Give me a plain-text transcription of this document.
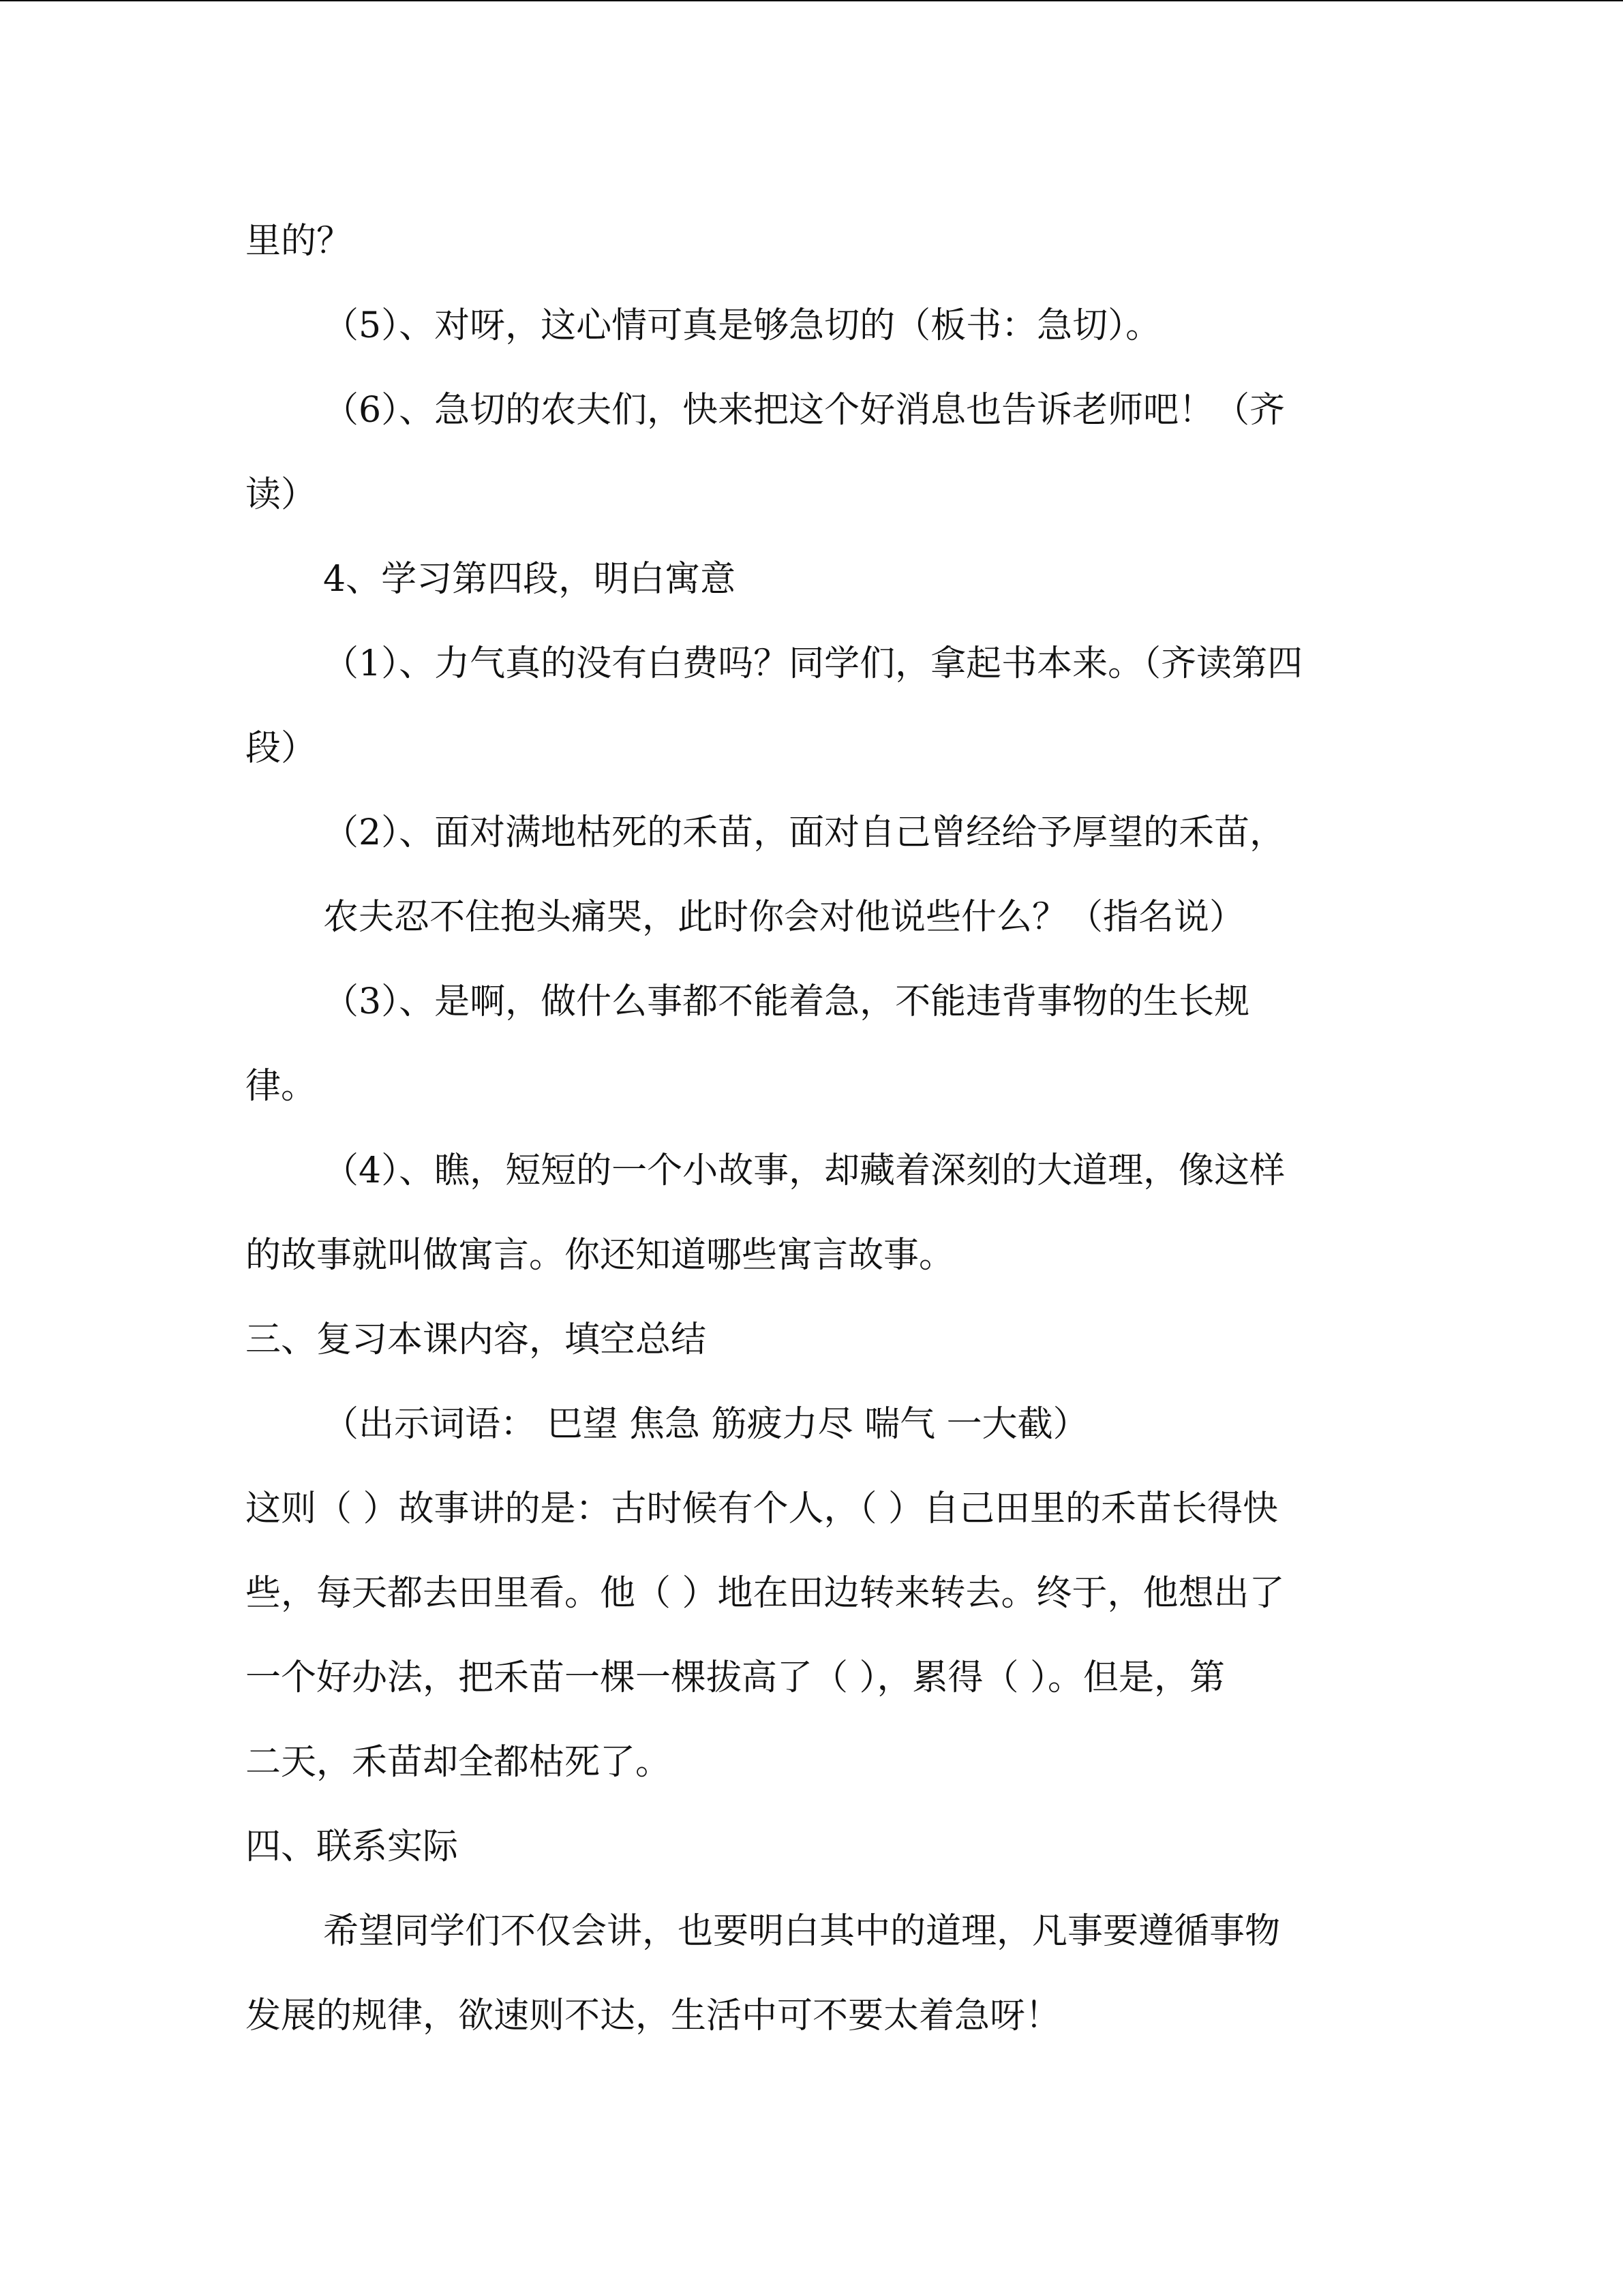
里的？

（5）、对呀，这心情可真是够急切的（板书：急切）。

（6）、急切的农夫们，快来把这个好消息也告诉老师吧！（齐

读）

4、学习第四段，明白寓意

（1）、力气真的没有白费吗？同学们，拿起书本来。（齐读第四

段）

（2）、面对满地枯死的禾苗，面对自己曾经给予厚望的禾苗，

农夫忍不住抱头痛哭，此时你会对他说些什么？（指名说）

（3）、是啊，做什么事都不能着急，不能违背事物的生长规

律。

（4）、瞧，短短的一个小故事，却藏着深刻的大道理，像这样

的故事就叫做寓言。你还知道哪些寓言故事。

三、复习本课内容，填空总结

（出示词语： 巴望 焦急 筋疲力尽 喘气 一大截）

这则（ ）故事讲的是：古时候有个人，（ ）自己田里的禾苗长得快

些，每天都去田里看。他（ ）地在田边转来转去。终于，他想出了

一个好办法，把禾苗一棵一棵拔高了（ ），累得（ ）。但是，第

二天，禾苗却全都枯死了。

四、联系实际

希望同学们不仅会讲，也要明白其中的道理，凡事要遵循事物

发展的规律，欲速则不达，生活中可不要太着急呀！
